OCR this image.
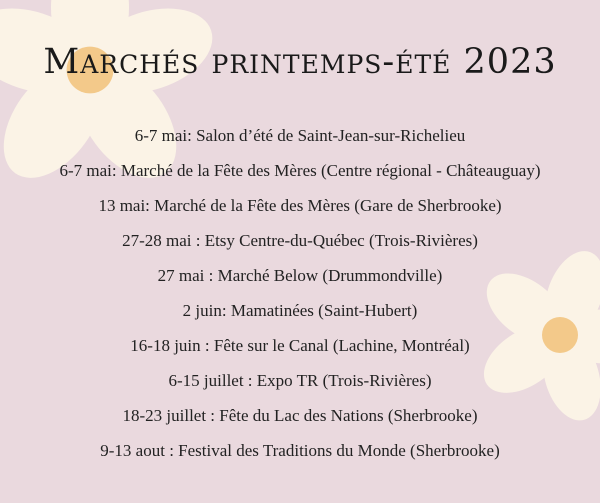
Marchés printemps-été 2023
6-7 mai: Salon d’été de Saint-Jean-sur-Richelieu
6-7 mai: Marché de la Fête des Mères (Centre régional - Châteauguay)
13 mai: Marché de la Fête des Mères (Gare de Sherbrooke)
27-28 mai : Etsy Centre-du-Québec (Trois-Rivières)
27 mai : Marché Below (Drummondville)
2 juin: Mamatinées (Saint-Hubert)
16-18 juin : Fête sur le Canal (Lachine, Montréal)
6-15 juillet : Expo TR (Trois-Rivières)
18-23 juillet : Fête du Lac des Nations (Sherbrooke)
9-13 aout : Festival des Traditions du Monde (Sherbrooke)
